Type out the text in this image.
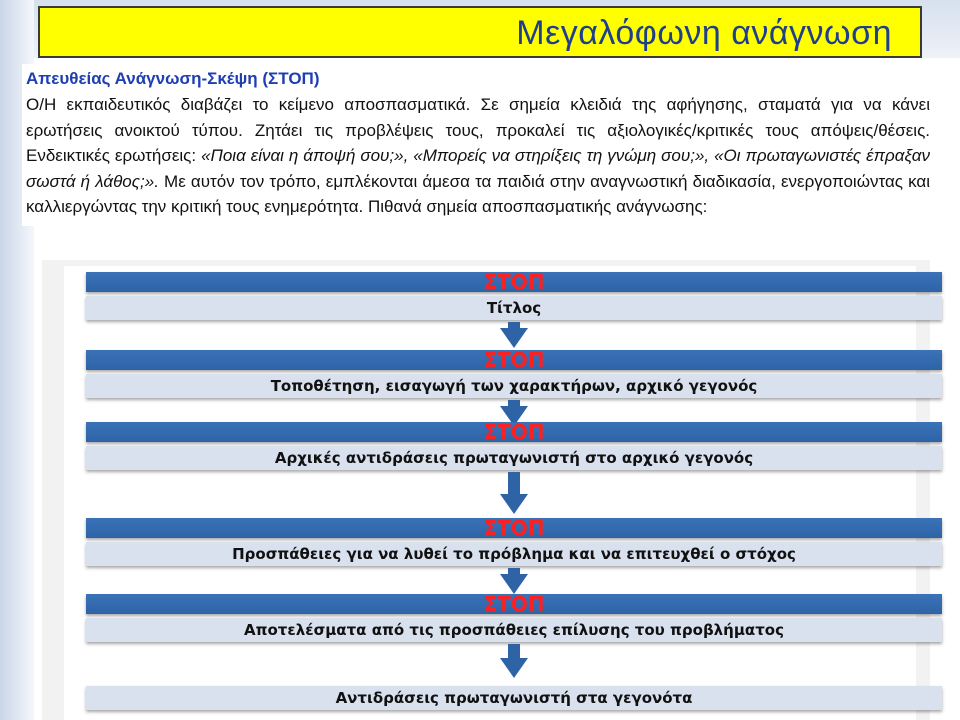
Μεγαλόφωνη ανάγνωση
Απευθείας Ανάγνωση-Σκέψη (ΣΤΟΠ)

Ο/Η εκπαιδευτικός διαβάζει το κείμενο αποσπασματικά. Σε σημεία κλειδιά της αφήγησης, σταματά για να κάνει ερωτήσεις ανοικτού τύπου. Ζητάει τις προβλέψεις τους, προκαλεί τις αξιολογικές/κριτικές τους απόψεις/θέσεις. Ενδεικτικές ερωτήσεις: «Ποια είναι η άποψή σου;», «Μπορείς να στηρίξεις τη γνώμη σου;», «Οι πρωταγωνιστές έπραξαν σωστά ή λάθος;». Με αυτόν τον τρόπο, εμπλέκονται άμεσα τα παιδιά στην αναγνωστική διαδικασία, ενεργοποιώντας και καλλιεργώντας την κριτική τους ενημερότητα. Πιθανά σημεία αποσπασματικής ανάγνωσης:

ΣΤΟΠ
Τίτλος
ΣΤΟΠ
Τοποθέτηση, εισαγωγή των χαρακτήρων, αρχικό γεγονός
ΣΤΟΠ
Αρχικές αντιδράσεις πρωταγωνιστή στο αρχικό γεγονός
ΣΤΟΠ
Προσπάθειες για να λυθεί το πρόβλημα και να επιτευχθεί ο στόχος
ΣΤΟΠ
Αποτελέσματα από τις προσπάθειες επίλυσης του προβλήματος
Αντιδράσεις πρωταγωνιστή στα γεγονότα
